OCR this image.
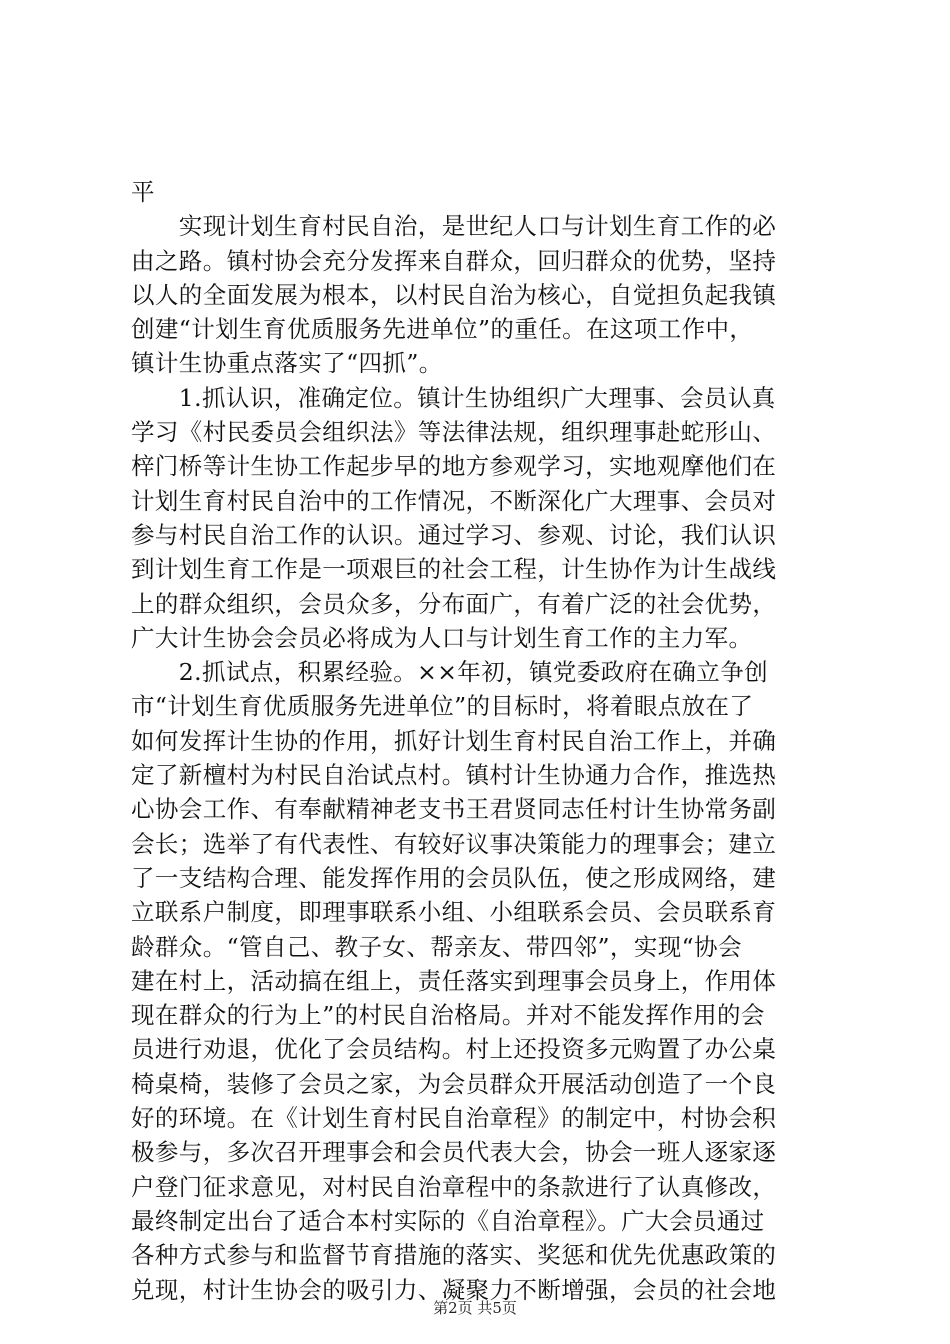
平
　　实现计划生育村民自治，是世纪人口与计划生育工作的必
由之路。镇村协会充分发挥来自群众，回归群众的优势，坚持
以人的全面发展为根本，以村民自治为核心，自觉担负起我镇
创建“计划生育优质服务先进单位”的重任。在这项工作中，
镇计生协重点落实了“四抓”。
　　1.抓认识，准确定位。镇计生协组织广大理事、会员认真
学习《村民委员会组织法》等法律法规，组织理事赴蛇形山、
梓门桥等计生协工作起步早的地方参观学习，实地观摩他们在
计划生育村民自治中的工作情况，不断深化广大理事、会员对
参与村民自治工作的认识。通过学习、参观、讨论，我们认识
到计划生育工作是一项艰巨的社会工程，计生协作为计生战线
上的群众组织，会员众多，分布面广，有着广泛的社会优势，
广大计生协会会员必将成为人口与计划生育工作的主力军。
　　2.抓试点，积累经验。××年初，镇党委政府在确立争创
市“计划生育优质服务先进单位”的目标时，将着眼点放在了
如何发挥计生协的作用，抓好计划生育村民自治工作上，并确
定了新檀村为村民自治试点村。镇村计生协通力合作，推选热
心协会工作、有奉献精神老支书王君贤同志任村计生协常务副
会长；选举了有代表性、有较好议事决策能力的理事会；建立
了一支结构合理、能发挥作用的会员队伍，使之形成网络，建
立联系户制度，即理事联系小组、小组联系会员、会员联系育
龄群众。“管自己、教子女、帮亲友、带四邻”，实现“协会
建在村上，活动搞在组上，责任落实到理事会员身上，作用体
现在群众的行为上”的村民自治格局。并对不能发挥作用的会
员进行劝退，优化了会员结构。村上还投资多元购置了办公桌
椅桌椅，装修了会员之家，为会员群众开展活动创造了一个良
好的环境。在《计划生育村民自治章程》的制定中，村协会积
极参与，多次召开理事会和会员代表大会，协会一班人逐家逐
户登门征求意见，对村民自治章程中的条款进行了认真修改，
最终制定出台了适合本村实际的《自治章程》。广大会员通过
各种方式参与和监督节育措施的落实、奖惩和优先优惠政策的
兑现，村计生协会的吸引力、凝聚力不断增强，会员的社会地
第2页 共5页
